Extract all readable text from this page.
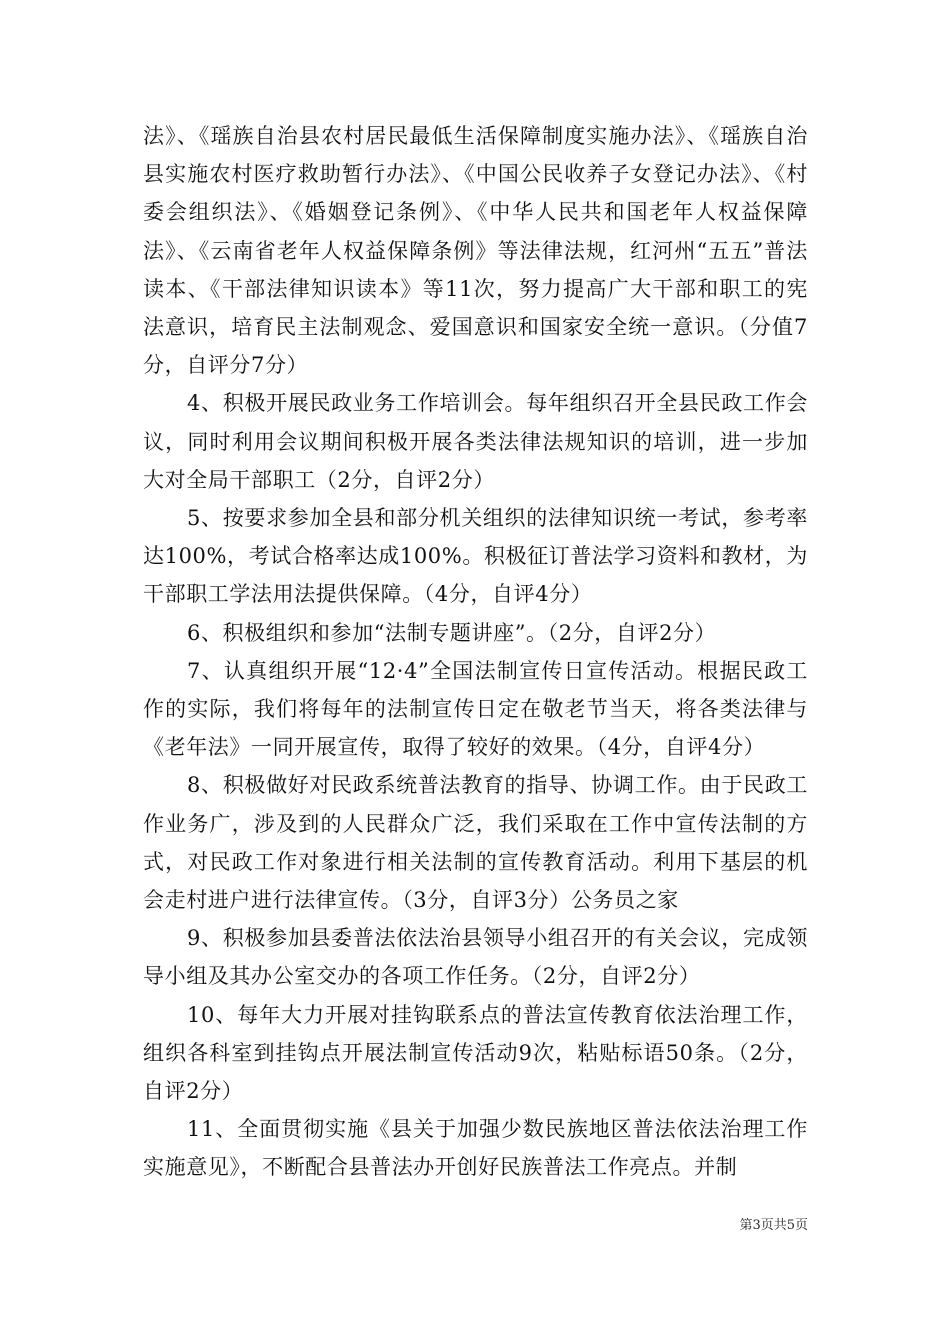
法》、《瑶族自治县农村居民最低生活保障制度实施办法》、《瑶族自治县实施农村医疗救助暂行办法》、《中国公民收养子女登记办法》、《村委会组织法》、《婚姻登记条例》、《中华人民共和国老年人权益保障法》、《云南省老年人权益保障条例》等法律法规，红河州“五五”普法读本、《干部法律知识读本》等11次，努力提高广大干部和职工的宪法意识，培育民主法制观念、爱国意识和国家安全统一意识。（分值7分，自评分7分）

4、积极开展民政业务工作培训会。每年组织召开全县民政工作会议，同时利用会议期间积极开展各类法律法规知识的培训，进一步加大对全局干部职工（2分，自评2分）

5、按要求参加全县和部分机关组织的法律知识统一考试，参考率达100%，考试合格率达成100%。积极征订普法学习资料和教材，为干部职工学法用法提供保障。（4分，自评4分）

6、积极组织和参加“法制专题讲座”。（2分，自评2分）

7、认真组织开展“12·4”全国法制宣传日宣传活动。根据民政工作的实际，我们将每年的法制宣传日定在敬老节当天，将各类法律与《老年法》一同开展宣传，取得了较好的效果。（4分，自评4分）

8、积极做好对民政系统普法教育的指导、协调工作。由于民政工作业务广，涉及到的人民群众广泛，我们采取在工作中宣传法制的方式，对民政工作对象进行相关法制的宣传教育活动。利用下基层的机会走村进户进行法律宣传。（3分，自评3分）公务员之家

9、积极参加县委普法依法治县领导小组召开的有关会议，完成领导小组及其办公室交办的各项工作任务。（2分，自评2分）

10、每年大力开展对挂钩联系点的普法宣传教育依法治理工作，组织各科室到挂钩点开展法制宣传活动9次，粘贴标语50条。（2分，自评2分）

11、全面贯彻实施《县关于加强少数民族地区普法依法治理工作实施意见》，不断配合县普法办开创好民族普法工作亮点。并制

第3页共5页
